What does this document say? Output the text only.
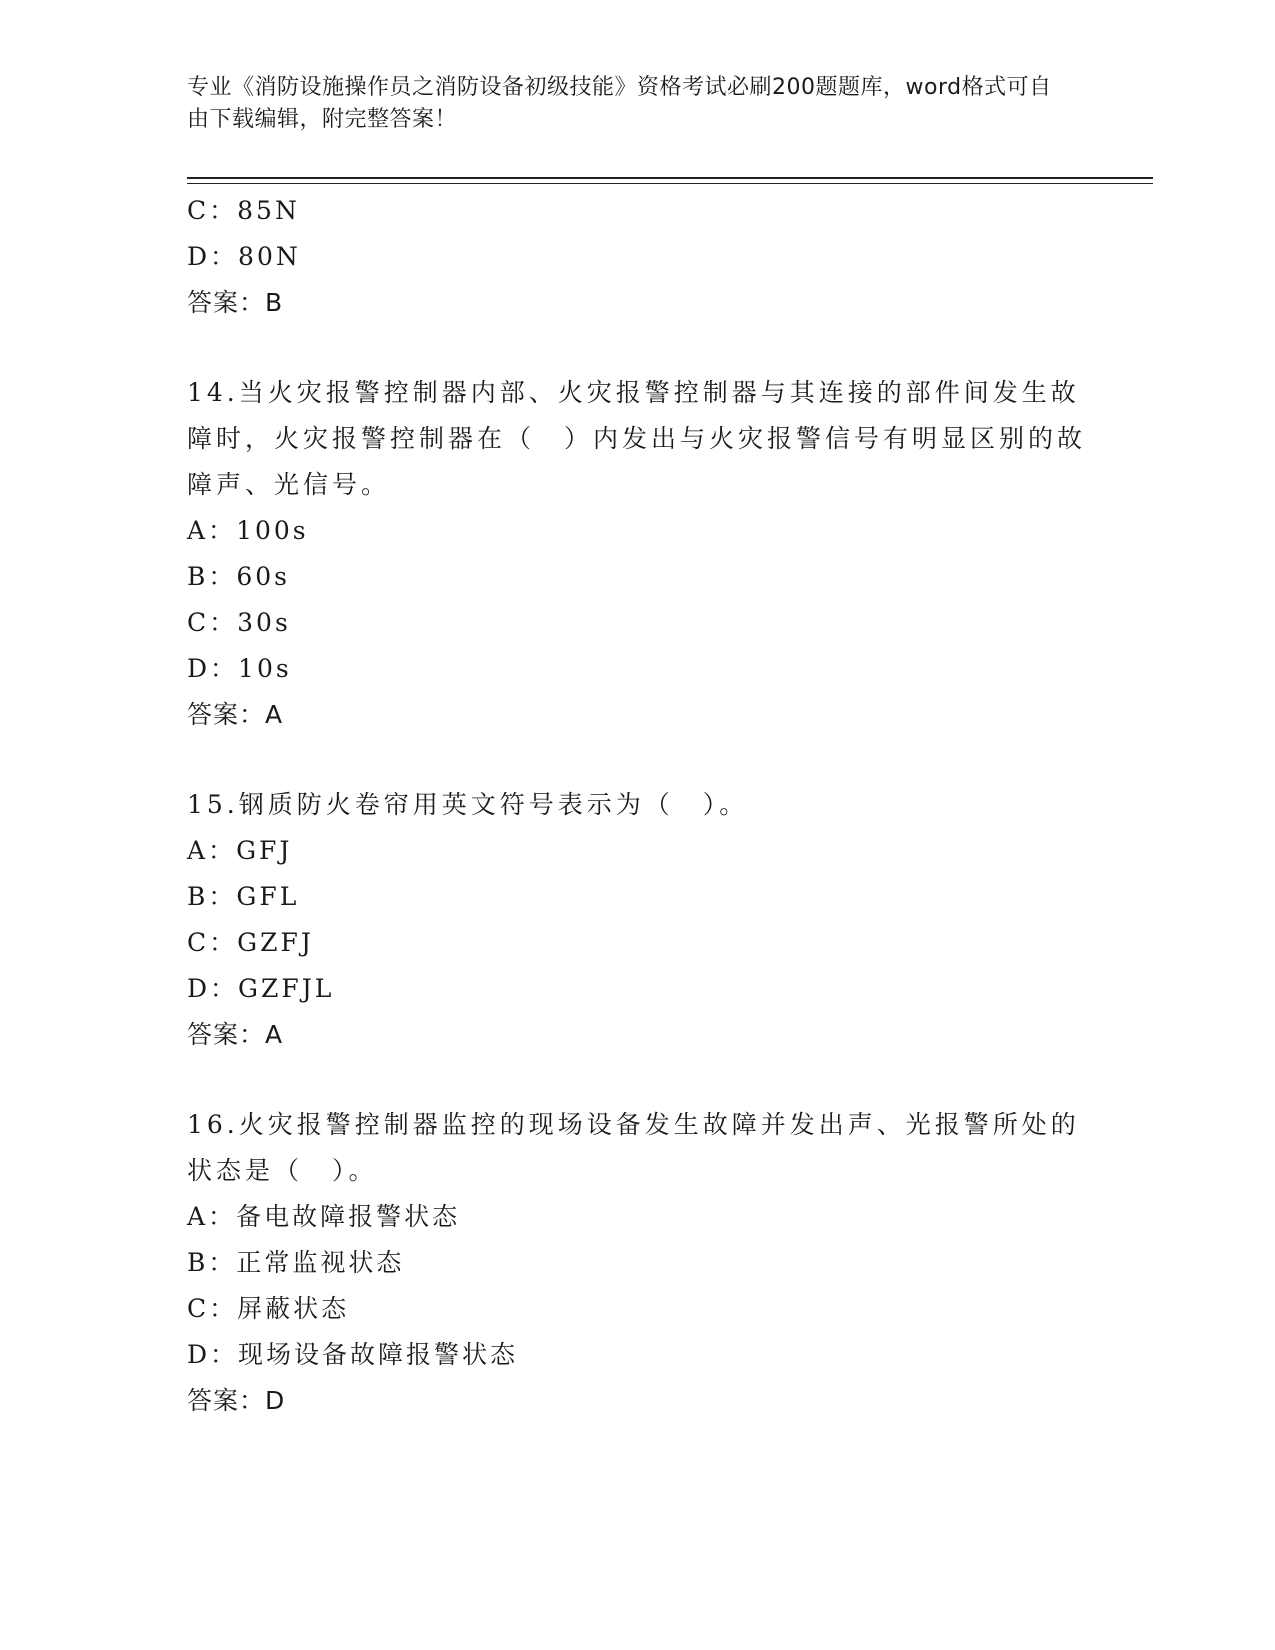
专业《消防设施操作员之消防设备初级技能》资格考试必刷200题题库，word格式可自由下载编辑，附完整答案！
C：85N
D：80N
答案：B
14.当火灾报警控制器内部、火灾报警控制器与其连接的部件间发生故障时，火灾报警控制器在（　）内发出与火灾报警信号有明显区别的故障声、光信号。
A：100s
B：60s
C：30s
D：10s
答案：A
15.钢质防火卷帘用英文符号表示为（　）。
A：GFJ
B：GFL
C：GZFJ
D：GZFJL
答案：A
16.火灾报警控制器监控的现场设备发生故障并发出声、光报警所处的状态是（　）。
A：备电故障报警状态
B：正常监视状态
C：屏蔽状态
D：现场设备故障报警状态
答案：D
